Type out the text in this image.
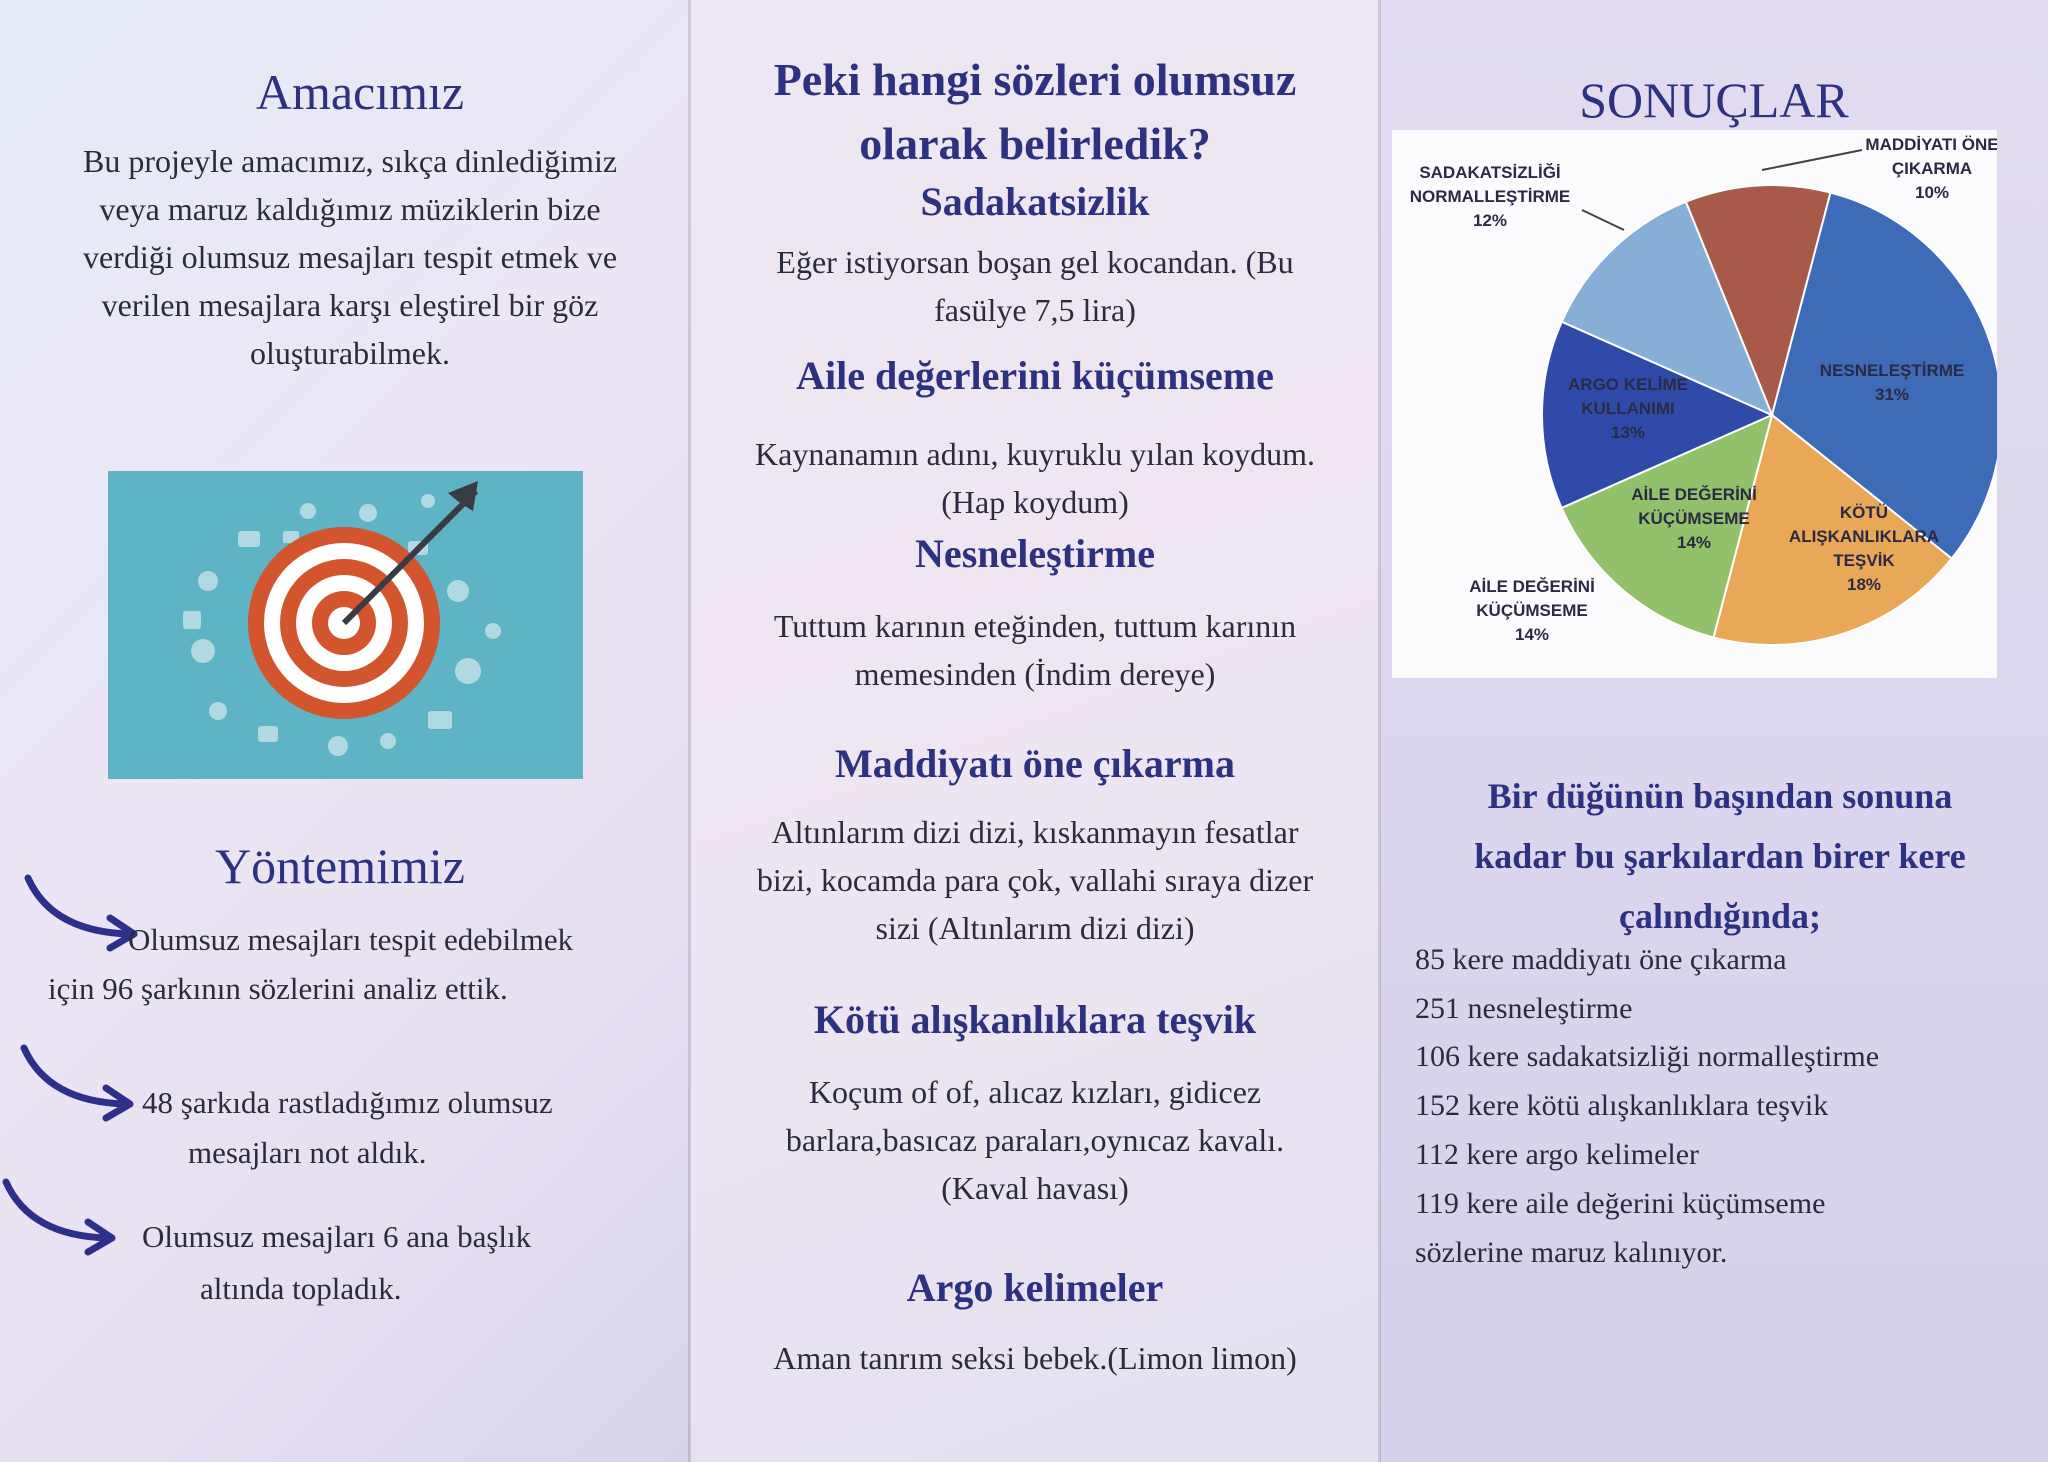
Amacımız
Bu projeyle amacımız, sıkça dinlediğimiz
veya maruz kaldığımız müziklerin bize
verdiği olumsuz mesajları tespit etmek ve
verilen mesajlara karşı eleştirel bir göz
oluşturabilmek.
Yöntemimiz
Olumsuz mesajları tespit edebilmek
için 96 şarkının sözlerini analiz ettik.
48 şarkıda rastladığımız olumsuz
mesajları not aldık.
Olumsuz mesajları 6 ana başlık
altında topladık.
Peki hangi sözleri olumsuz
olarak belirledik?
Sadakatsizlik
Eğer istiyorsan boşan gel kocandan. (Bu
fasülye 7,5 lira)
Aile değerlerini küçümseme
Kaynanamın adını, kuyruklu yılan koydum.
(Hap koydum)
Nesneleştirme
Tuttum karının eteğinden, tuttum karının
memesinden (İndim dereye)
Maddiyatı öne çıkarma
Altınlarım dizi dizi, kıskanmayın fesatlar
bizi, kocamda para çok, vallahi sıraya dizer
sizi (Altınlarım dizi dizi)
Kötü alışkanlıklara teşvik
Koçum of of, alıcaz kızları, gidicez
barlara,basıcaz paraları,oynıcaz kavalı.
(Kaval havası)
Argo kelimeler
Aman tanrım seksi bebek.(Limon limon)
SONUÇLAR
MADDİYATI ÖNE
ÇIKARMA
10%
NESNELEŞTİRME
31%
KÖTÜ
ALIŞKANLIKLARA
TEŞVİK
18%
AİLE DEĞERİNİ
KÜÇÜMSEME
14%
ARGO KELİME
KULLANIMI
13%
SADAKATSİZLİĞİ
NORMALLEŞTİRME
12%
AİLE DEĞERİNİ
KÜÇÜMSEME
14%
Bir düğünün başından sonuna
kadar bu şarkılardan birer kere
çalındığında;
85 kere maddiyatı öne çıkarma
251 nesneleştirme
106 kere sadakatsizliği normalleştirme
152 kere kötü alışkanlıklara teşvik
112 kere argo kelimeler
119 kere aile değerini küçümseme
sözlerine maruz kalınıyor.
